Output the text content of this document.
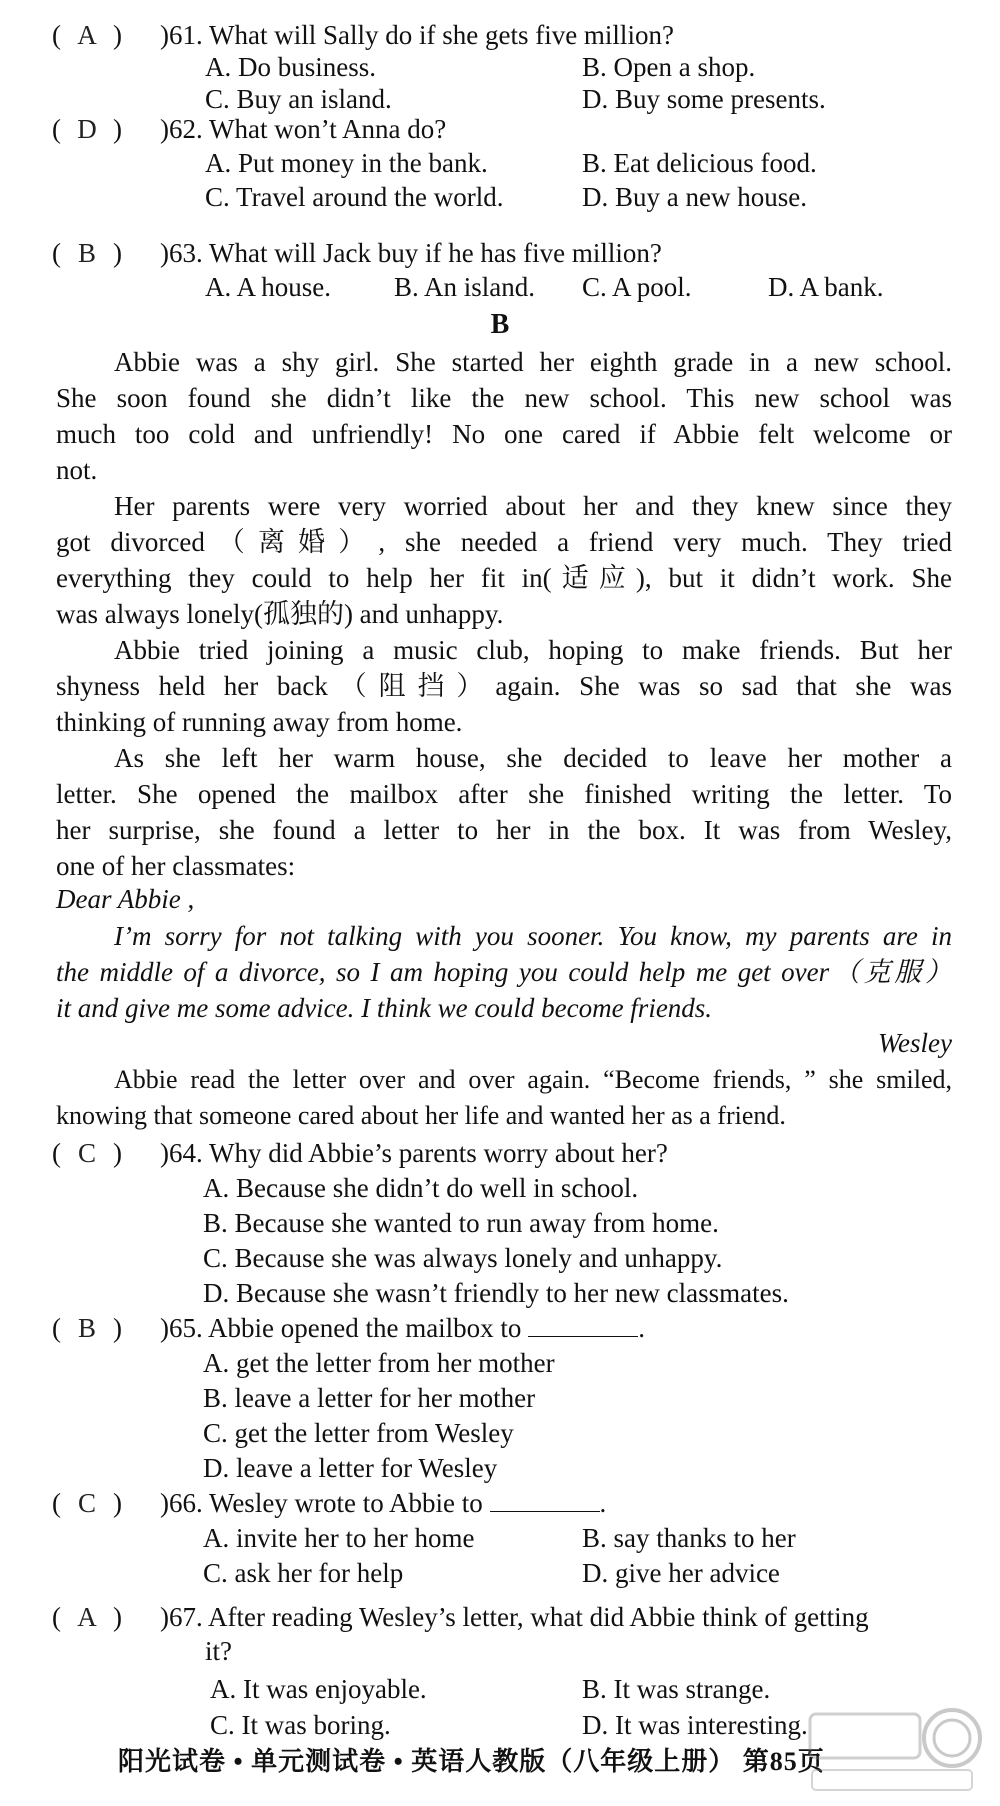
( A ) )61. What will Sally do if she gets five million?
A. Do business.	B. Open a shop.
C. Buy an island.	D. Buy some presents.
( D ) )62. What won’t Anna do?
A. Put money in the bank.	B. Eat delicious food.
C. Travel around the world.	D. Buy a new house.
( B ) )63. What will Jack buy if he has five million?
A. A house. B. An island. C. A pool.	D. A bank.
B
Abbie was a shy girl. She started her eighth grade in a new school.
She soon found she didn’t like the new school. This new school was
much too cold and unfriendly! No one cared if Abbie felt welcome or
not.
Her parents were very worried about her and they knew since they
got divorced（离婚）, she needed a friend very much. They tried
everything they could to help her fit in(适应), but it didn’t work. She
was always lonely(孤独的) and unhappy.
Abbie tried joining a music club, hoping to make friends. But her
shyness held her back（阻挡）again. She was so sad that she was
thinking of running away from home.
As she left her warm house, she decided to leave her mother a
letter. She opened the mailbox after she finished writing the letter. To
her surprise, she found a letter to her in the box. It was from Wesley,
one of her classmates:
Dear Abbie ,
I’m sorry for not talking with you sooner. You know, my parents are in
the middle of a divorce, so I am hoping you could help me get over（克服）
it and give me some advice. I think we could become friends.
Wesley
Abbie read the letter over and over again. “Become friends, ” she smiled,
knowing that someone cared about her life and wanted her as a friend.
( C ) )64. Why did Abbie’s parents worry about her?
A. Because she didn’t do well in school.
B. Because she wanted to run away from home.
C. Because she was always lonely and unhappy.
D. Because she wasn’t friendly to her new classmates.
( B ) )65. Abbie opened the mailbox to	.
A. get the letter from her mother
B. leave a letter for her mother
C. get the letter from Wesley
D. leave a letter for Wesley
( C ) )66. Wesley wrote to Abbie to	.
A. invite her to her home	B. say thanks to her
C. ask her for help	D. give her advice
( A ) )67. After reading Wesley’s letter, what did Abbie think of getting
it?
A. It was enjoyable.	B. It was strange.
C. It was boring.	D. It was interesting.
阳光试卷 • 单元测试卷 • 英语人教版（八年级上册） 第85页
